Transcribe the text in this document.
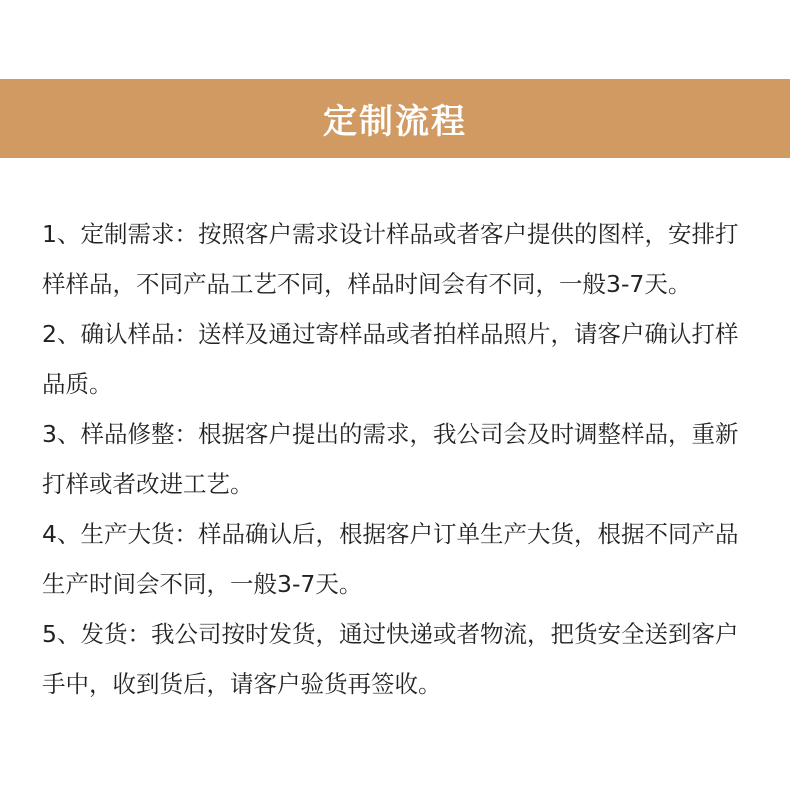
定制流程
1、定制需求：按照客户需求设计样品或者客户提供的图样，安排打样样品，不同产品工艺不同，样品时间会有不同，一般3-7天。
2、确认样品：送样及通过寄样品或者拍样品照片，请客户确认打样品质。
3、样品修整：根据客户提出的需求，我公司会及时调整样品，重新打样或者改进工艺。
4、生产大货：样品确认后，根据客户订单生产大货，根据不同产品生产时间会不同，一般3-7天。
5、发货：我公司按时发货，通过快递或者物流，把货安全送到客户手中，收到货后，请客户验货再签收。
